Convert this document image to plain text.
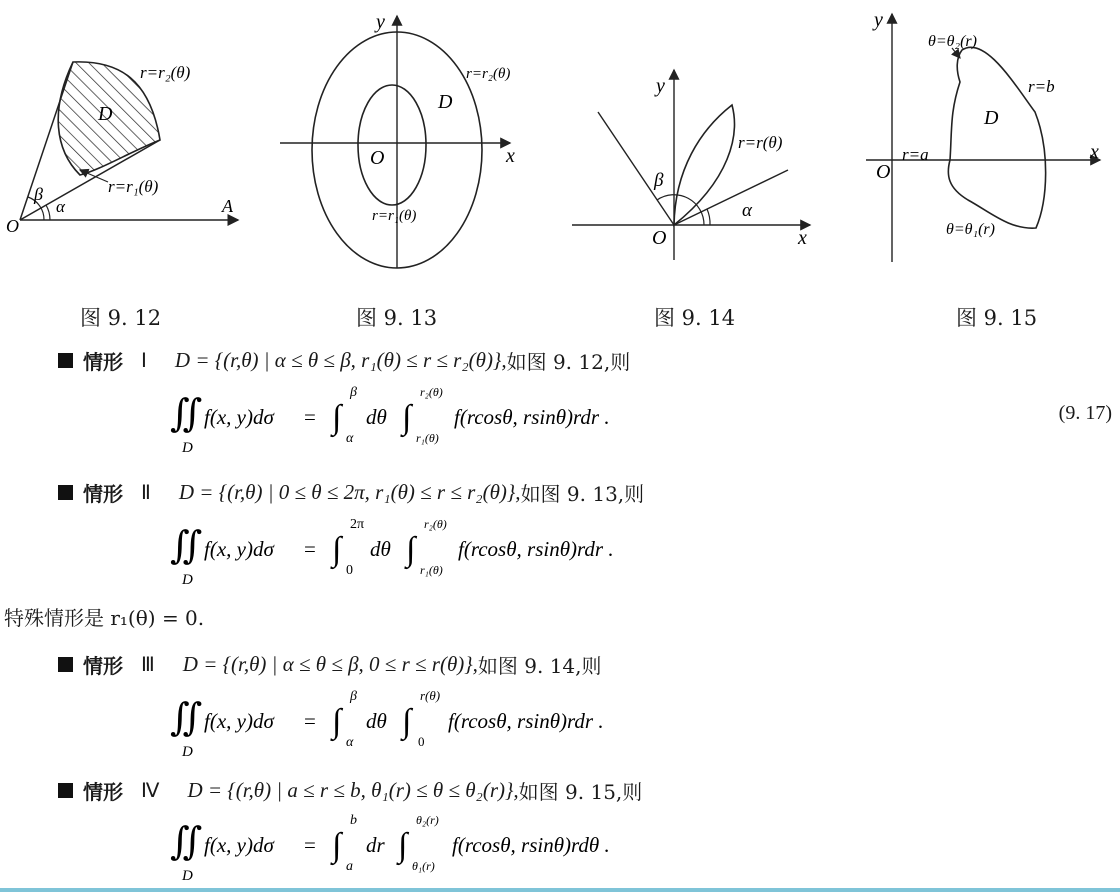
r=r₂(θ)
D
r=r₁(θ)
β
α
O
A
y
x
O
D
r=r₂(θ)
r=r₁(θ)
y
r=r(θ)
β
α
O	x
y
θ=θ₂(r)
r=b
D
r=a
O
x
θ=θ₁(r)
图 9. 12	图 9. 13	图 9. 14	图 9. 15
情形 Ⅰ D = {(r,θ) | α ≤ θ ≤ β, r₁(θ) ≤ r ≤ r₂(θ)}, 如图 9. 12,则
∬
D
f(x, y)dσ = ∫
β
α
dθ ∫
r₂(θ)
r₁(θ)
f(rcosθ, rsinθ)rdr .	(9. 17)
情形 Ⅱ D = {(r,θ) | 0 ≤ θ ≤ 2π, r₁(θ) ≤ r ≤ r₂(θ)}, 如图 9. 13,则
∬
D
f(x, y)dσ = ∫
2π
0
dθ ∫
r₂(θ)
r₁(θ)
f(rcosθ, rsinθ)rdr .
特殊情形是 r₁(θ) = 0.
情形 Ⅲ D = {(r,θ) | α ≤ θ ≤ β, 0 ≤ r ≤ r(θ)}, 如图 9. 14,则
∬
D
f(x, y)dσ = ∫
β
α
dθ ∫
r(θ)
0
f(rcosθ, rsinθ)rdr .
情形 Ⅳ D = {(r,θ) | a ≤ r ≤ b, θ₁(r) ≤ θ ≤ θ₂(r)}, 如图 9. 15,则
∬
D
f(x, y)dσ = ∫
b
a
dr ∫
θ₂(r)
θ₁(r)
f(rcosθ, rsinθ)rdθ .
